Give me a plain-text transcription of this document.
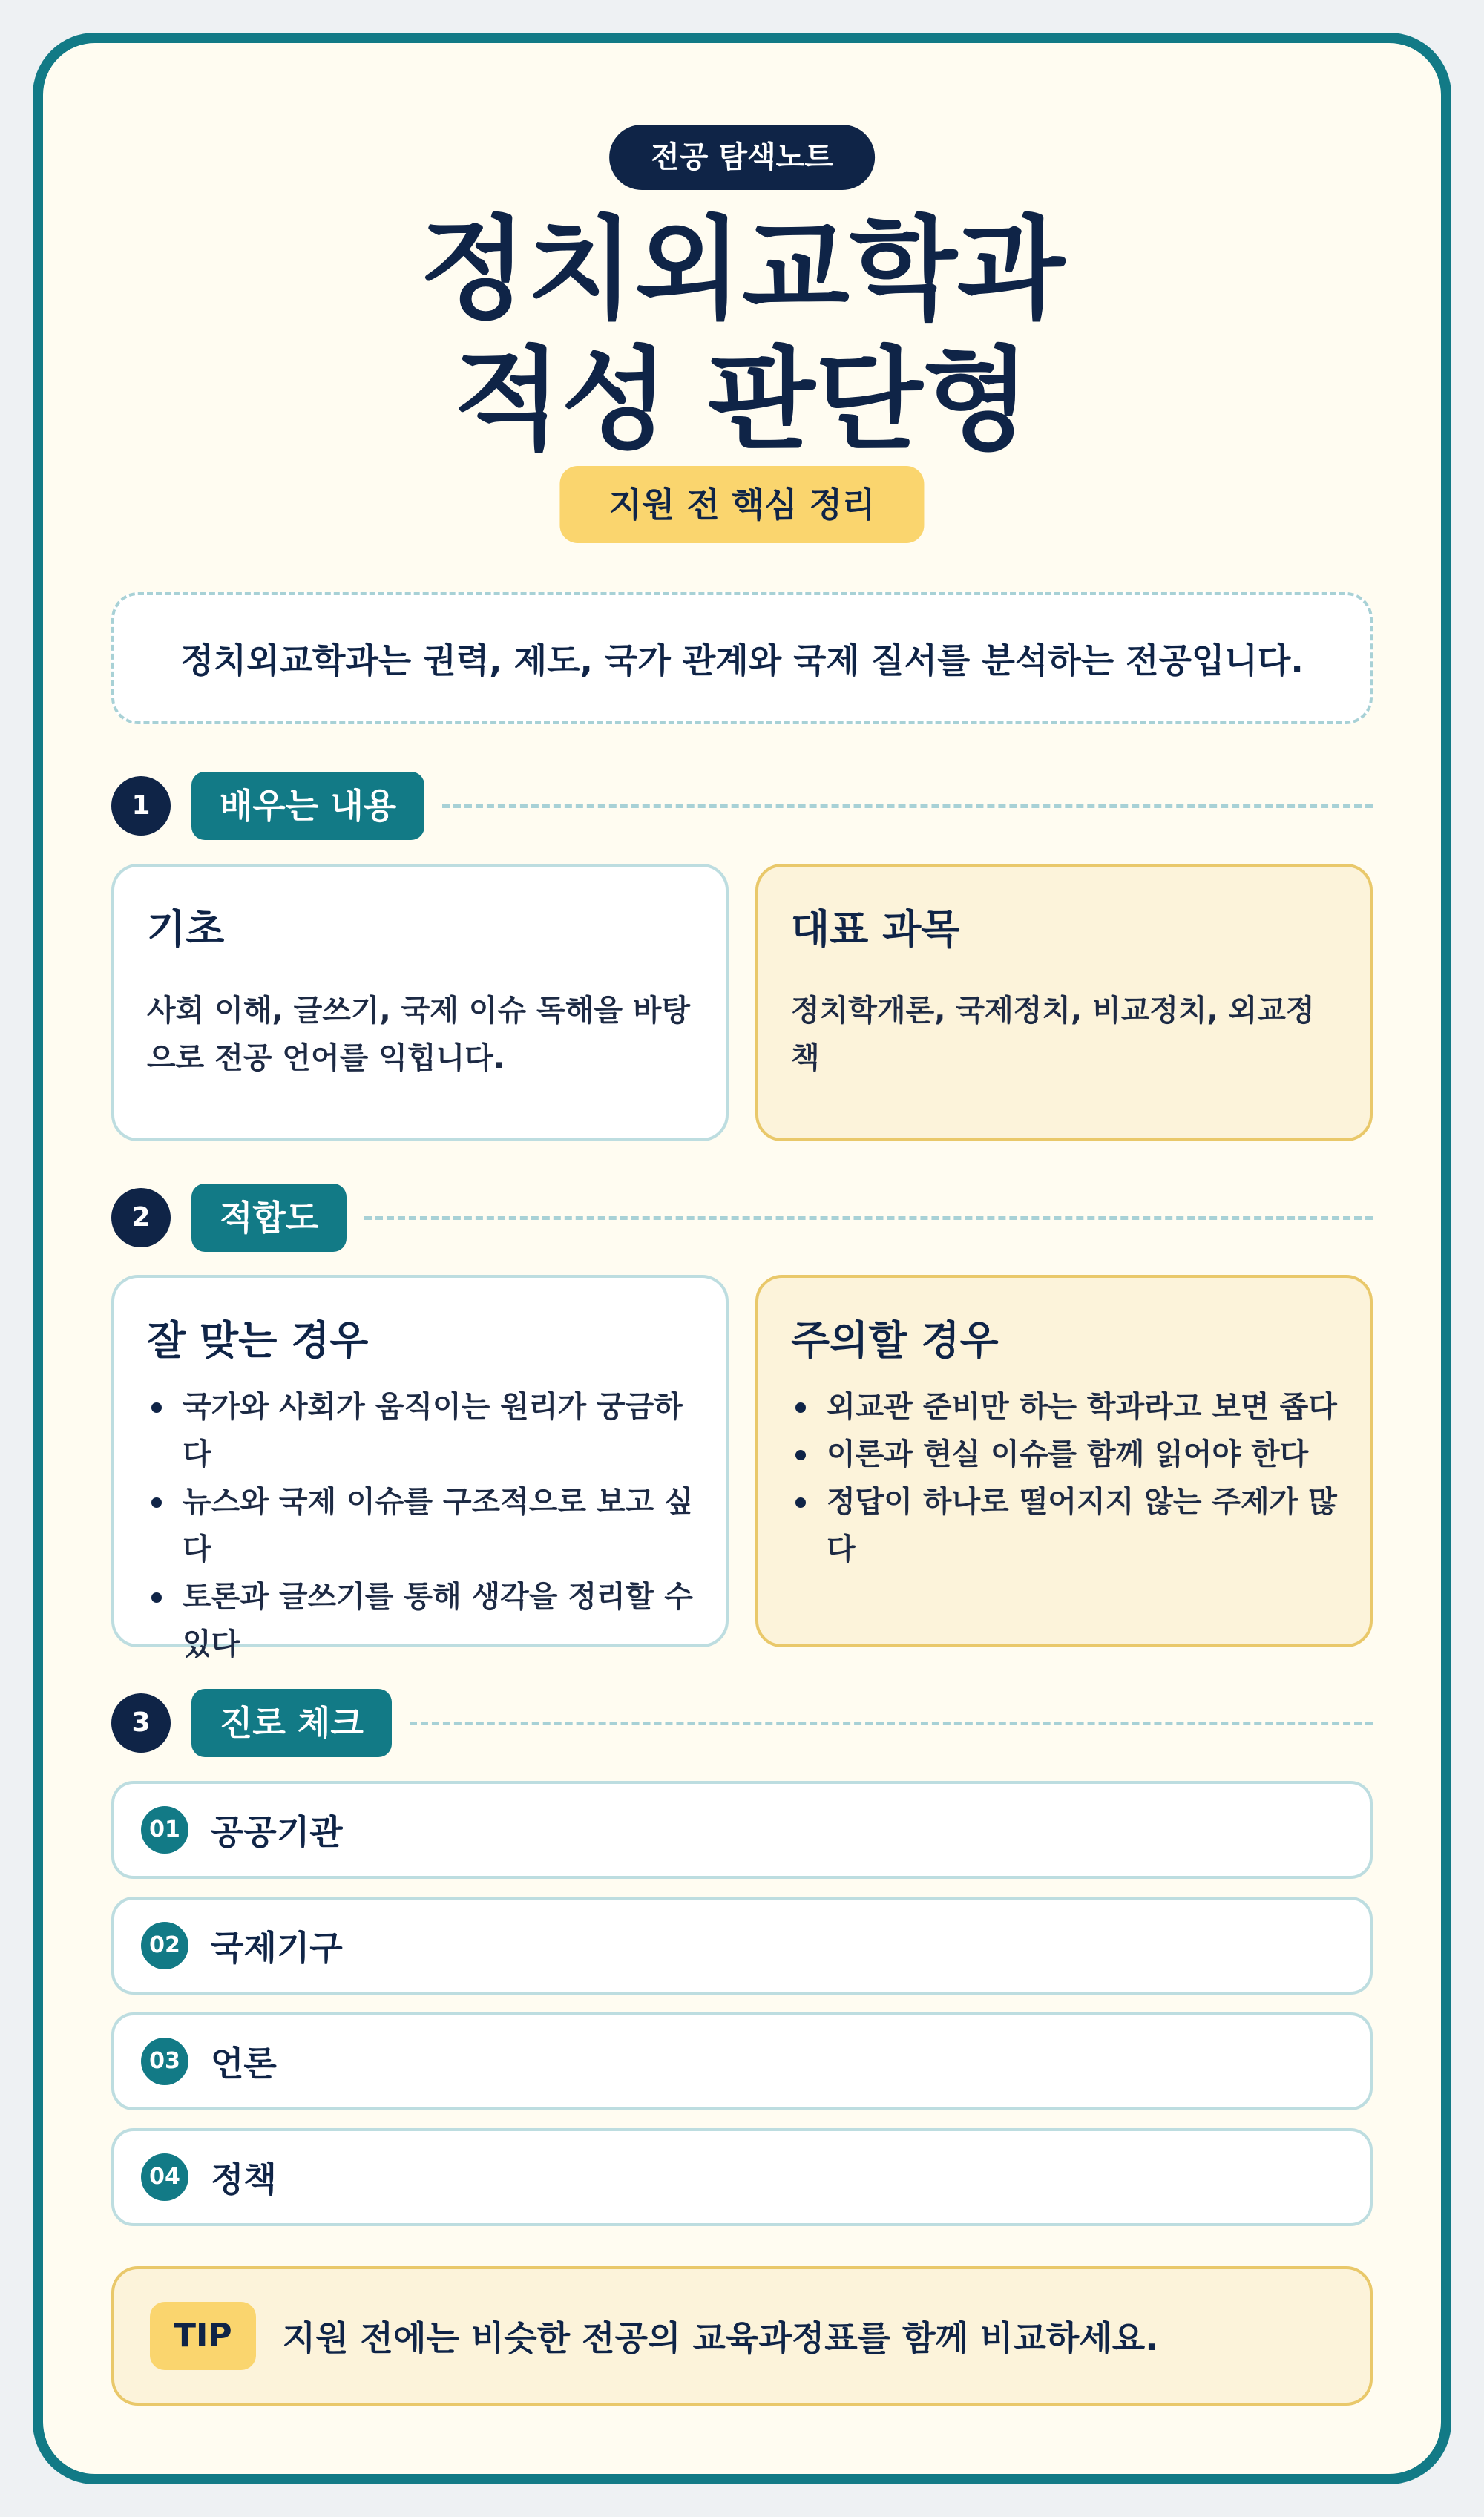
전공 탐색노트
정치외교학과
적성 판단형
지원 전 핵심 정리
정치외교학과는 권력, 제도, 국가 관계와 국제 질서를 분석하는 전공입니다.
1	배우는 내용
기초

사회 이해, 글쓰기, 국제 이슈 독해을 바탕으로 전공 언어를 익힙니다.

대표 과목

정치학개론, 국제정치, 비교정치, 외교정책

2	적합도
잘 맞는 경우
국가와 사회가 움직이는 원리가 궁금하다
뉴스와 국제 이슈를 구조적으로 보고 싶다
토론과 글쓰기를 통해 생각을 정리할 수 있다
주의할 경우
외교관 준비만 하는 학과라고 보면 좁다
이론과 현실 이슈를 함께 읽어야 한다
정답이 하나로 떨어지지 않는 주제가 많다
3	진로 체크
01 공공기관
02 국제기구
03 언론
04 정책
TIP	지원 전에는 비슷한 전공의 교육과정표를 함께 비교하세요.
